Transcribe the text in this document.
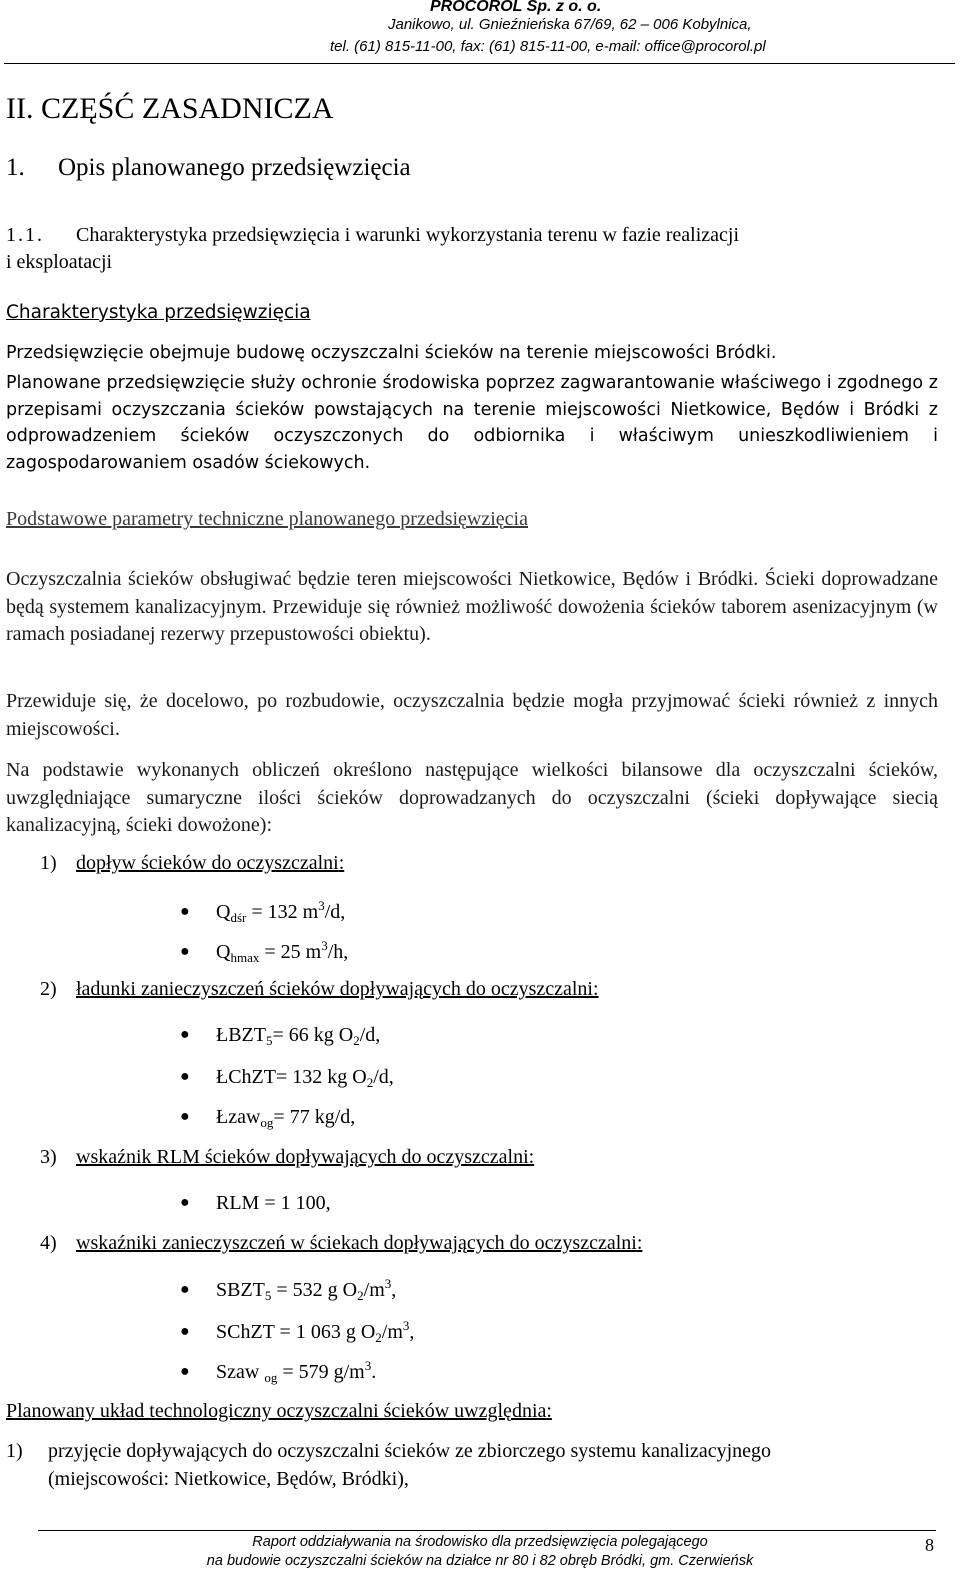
PROCOROL Sp. z o. o.
Janikowo, ul. Gnieźnieńska 67/69, 62 – 006 Kobylnica,
tel. (61) 815-11-00, fax: (61) 815-11-00, e-mail: office@procorol.pl
II. CZĘŚĆ ZASADNICZA
1. Opis planowanego przedsięwzięcia
1.1. Charakterystyka przedsięwzięcia i warunki wykorzystania terenu w fazie realizacji
i eksploatacji
Charakterystyka przedsięwzięcia
Przedsięwzięcie obejmuje budowę oczyszczalni ścieków na terenie miejscowości Bródki.
Planowane przedsięwzięcie służy ochronie środowiska poprzez zagwarantowanie właściwego i zgodnego z przepisami oczyszczania ścieków powstających na terenie miejscowości Nietkowice, Będów i Bródki z odprowadzeniem ścieków oczyszczonych do odbiornika i właściwym unieszkodliwieniem i zagospodarowaniem osadów ściekowych.
Podstawowe parametry techniczne planowanego przedsięwzięcia
Oczyszczalnia ścieków obsługiwać będzie teren miejscowości Nietkowice, Będów i Bródki. Ścieki doprowadzane będą systemem kanalizacyjnym. Przewiduje się również możliwość dowożenia ścieków taborem asenizacyjnym (w ramach posiadanej rezerwy przepustowości obiektu).
Przewiduje się, że docelowo, po rozbudowie, oczyszczalnia będzie mogła przyjmować ścieki również z innych miejscowości.
Na podstawie wykonanych obliczeń określono następujące wielkości bilansowe dla oczyszczalni ścieków, uwzględniające sumaryczne ilości ścieków doprowadzanych do oczyszczalni (ścieki dopływające siecią kanalizacyjną, ścieki dowożone):
1) dopływ ścieków do oczyszczalni:
● $Q_{dśr} = 132$ $m^3/d$,
● $Q_{hmax} = 25$ $m^3/h$,
2) ładunki zanieczyszczeń ścieków dopływających do oczyszczalni:
● $ŁBZT_5= 66$ kg $O_2/d$,
● ŁChZT= 132 kg $O_2/d$,
● Łzaw$_{og}$= 77 kg/d,
3) wskaźnik RLM ścieków dopływających do oczyszczalni:
● RLM = 1 100,
4) wskaźniki zanieczyszczeń w ściekach dopływających do oczyszczalni:
● $SBZT_5 = 532$ g $O_2/m^3$,
● SChZT = 1 063 g $O_2/m^3$,
● Szaw $_{og}$ = 579 $g/m^3$.
Planowany układ technologiczny oczyszczalni ścieków uwzględnia:
1) przyjęcie dopływających do oczyszczalni ścieków ze zbiorczego systemu kanalizacyjnego
(miejscowości: Nietkowice, Będów, Bródki),
Raport oddziaływania na środowisko dla przedsięwzięcia polegającego
na budowie oczyszczalni ścieków na działce nr 80 i 82 obręb Bródki, gm. Czerwieńsk
8
